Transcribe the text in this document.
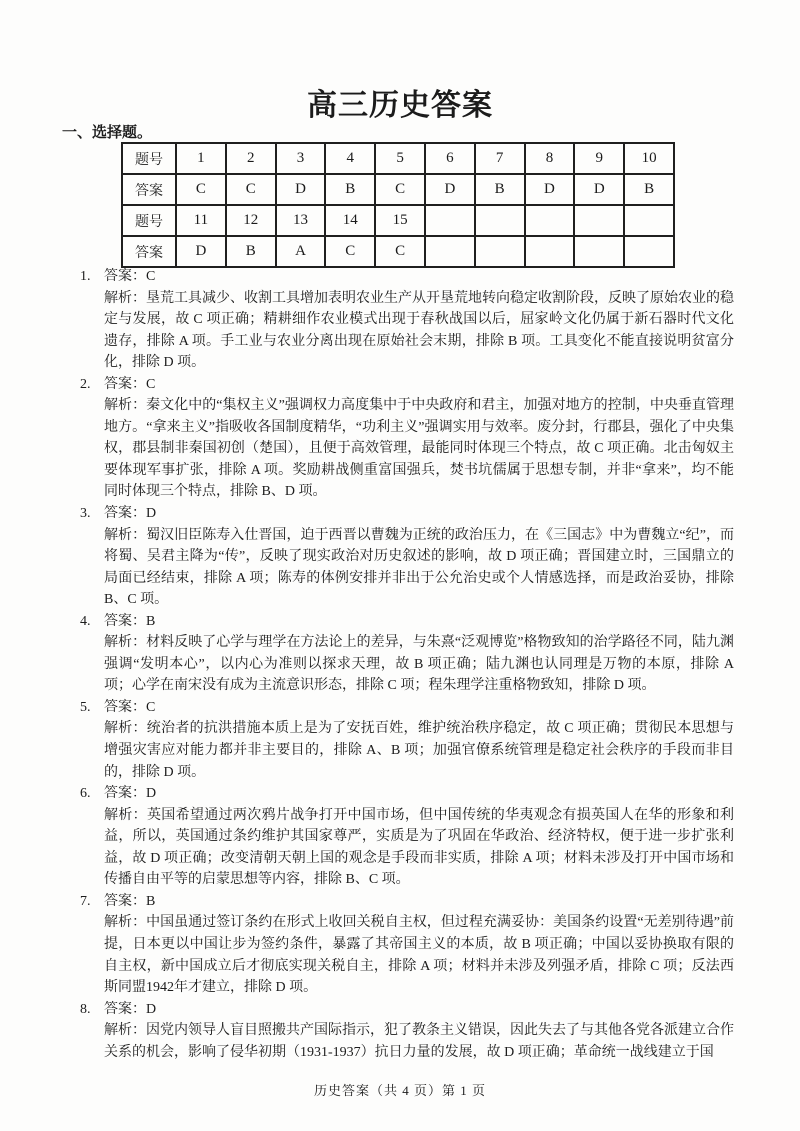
高三历史答案
一、选择题。
题号	1	2	3	4	5	6	7	8	9	10
答案	C	C	D	B	C	D	B	D	D	B
题号	11	12	13	14	15					
答案	D	B	A	C	C					
1. 答案：C
解析：垦荒工具减少、收割工具增加表明农业生产从开垦荒地转向稳定收割阶段，反映了原始农业的稳定与发展，故 C 项正确；精耕细作农业模式出现于春秋战国以后，屈家岭文化仍属于新石器时代文化遗存，排除 A 项。手工业与农业分离出现在原始社会末期，排除 B 项。工具变化不能直接说明贫富分化，排除 D 项。
2. 答案：C
解析：秦文化中的“集权主义”强调权力高度集中于中央政府和君主，加强对地方的控制，中央垂直管理地方。“拿来主义”指吸收各国制度精华，“功利主义”强调实用与效率。废分封，行郡县，强化了中央集权，郡县制非秦国初创（楚国），且便于高效管理，最能同时体现三个特点，故 C 项正确。北击匈奴主要体现军事扩张，排除 A 项。奖励耕战侧重富国强兵，焚书坑儒属于思想专制，并非“拿来”，均不能同时体现三个特点，排除 B、D 项。
3. 答案：D
解析：蜀汉旧臣陈寿入仕晋国，迫于西晋以曹魏为正统的政治压力，在《三国志》中为曹魏立“纪”，而将蜀、吴君主降为“传”，反映了现实政治对历史叙述的影响，故 D 项正确；晋国建立时，三国鼎立的局面已经结束，排除 A 项；陈寿的体例安排并非出于公允治史或个人情感选择，而是政治妥协，排除 B、C 项。
4. 答案：B
解析：材料反映了心学与理学在方法论上的差异，与朱熹“泛观博览”格物致知的治学路径不同，陆九渊强调“发明本心”，以内心为准则以探求天理，故 B 项正确；陆九渊也认同理是万物的本原，排除 A 项；心学在南宋没有成为主流意识形态，排除 C 项；程朱理学注重格物致知，排除 D 项。
5. 答案：C
解析：统治者的抗洪措施本质上是为了安抚百姓，维护统治秩序稳定，故 C 项正确；贯彻民本思想与增强灾害应对能力都并非主要目的，排除 A、B 项；加强官僚系统管理是稳定社会秩序的手段而非目的，排除 D 项。
6. 答案：D
解析：英国希望通过两次鸦片战争打开中国市场，但中国传统的华夷观念有损英国人在华的形象和利益，所以，英国通过条约维护其国家尊严，实质是为了巩固在华政治、经济特权，便于进一步扩张利益，故 D 项正确；改变清朝天朝上国的观念是手段而非实质，排除 A 项；材料未涉及打开中国市场和传播自由平等的启蒙思想等内容，排除 B、C 项。
7. 答案：B
解析：中国虽通过签订条约在形式上收回关税自主权，但过程充满妥协：美国条约设置“无差别待遇”前提，日本更以中国让步为签约条件，暴露了其帝国主义的本质，故 B 项正确；中国以妥协换取有限的自主权，新中国成立后才彻底实现关税自主，排除 A 项；材料并未涉及列强矛盾，排除 C 项；反法西斯同盟1942年才建立，排除 D 项。
8. 答案：D
解析：因党内领导人盲目照搬共产国际指示，犯了教条主义错误，因此失去了与其他各党各派建立合作关系的机会，影响了侵华初期（1931-1937）抗日力量的发展，故 D 项正确；革命统一战线建立于国
历史答案（共 4 页）第 1 页
